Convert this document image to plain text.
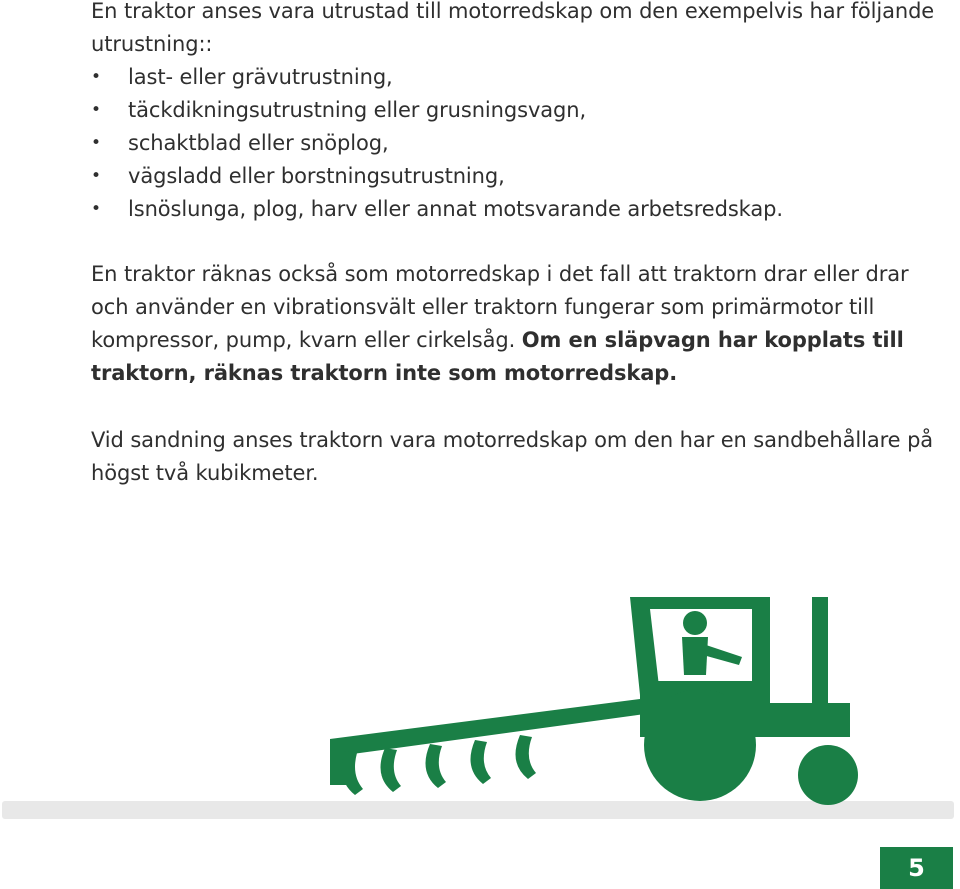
En traktor anses vara utrustad till motorredskap om den exempelvis har följande utrustning::

• last- eller grävutrustning,
• täckdikningsutrustning eller grusningsvagn,
• schaktblad eller snöplog,
• vägsladd eller borstningsutrustning,
• lsnöslunga, plog, harv eller annat motsvarande arbetsredskap.

En traktor räknas också som motorredskap i det fall att traktorn drar eller drar och använder en vibrationsvält eller traktorn fungerar som primärmotor till kompressor, pump, kvarn eller cirkelsåg. Om en släpvagn har kopplats till traktorn, räknas traktorn inte som motorredskap.

Vid sandning anses traktorn vara motorredskap om den har en sandbehållare på högst två kubikmeter.

5
